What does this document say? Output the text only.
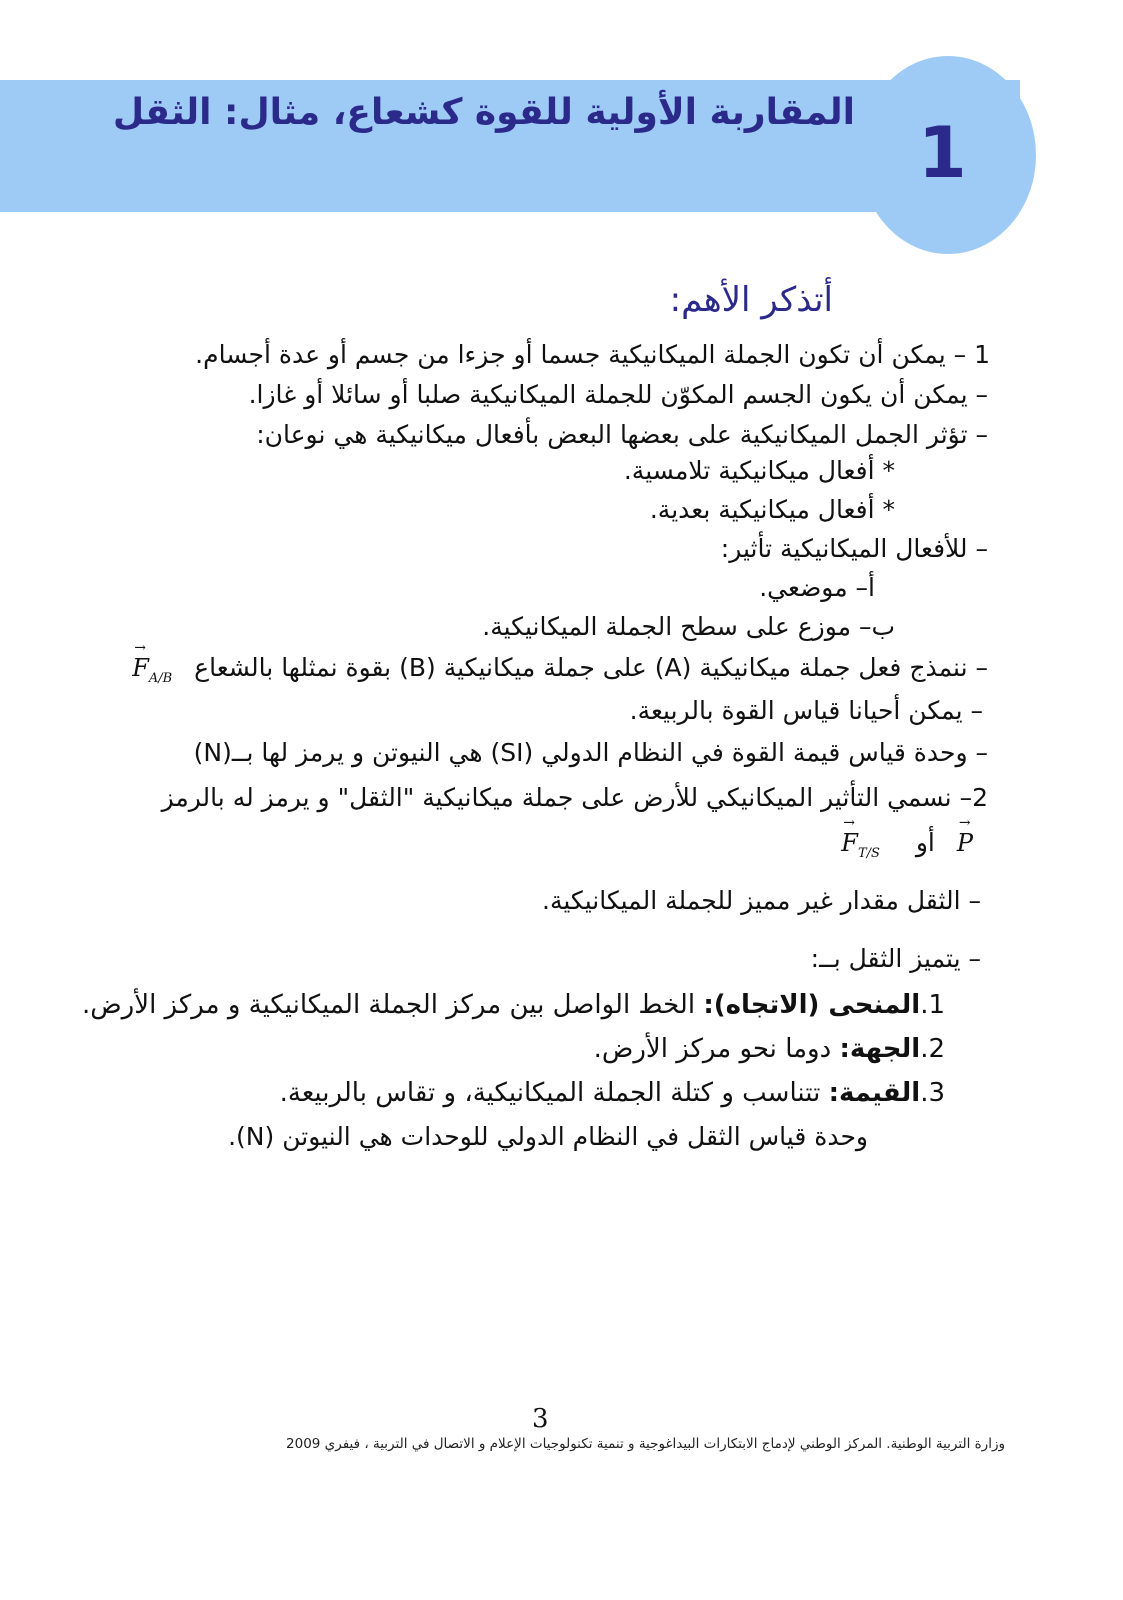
1
المقاربة الأولية للقوة كشعاع، مثال: الثقل
أتذكر الأهم:
1 – يمكن أن تكون الجملة الميكانيكية جسما أو جزءا من جسم أو عدة أجسام.
– يمكن أن يكون الجسم المكوّن للجملة الميكانيكية صلبا أو سائلا أو غازا.
– تؤثر الجمل الميكانيكية على بعضها البعض بأفعال ميكانيكية هي نوعان:
* أفعال ميكانيكية تلامسية.
* أفعال ميكانيكية بعدية.
– للأفعال الميكانيكية تأثير:
أ– موضعي.
ب– موزع على سطح الجملة الميكانيكية.
– ننمذج فعل جملة ميكانيكية (A) على جملة ميكانيكية (B) بقوة نمثلها بالشعاع
→
$F_{A/B}$
– يمكن أحيانا قياس القوة بالربيعة.
– وحدة قياس قيمة القوة في النظام الدولي (SI) هي النيوتن و يرمز لها بــ(N)
2– نسمي التأثير الميكانيكي للأرض على جملة ميكانيكية "الثقل" و يرمز له بالرمز
→
$F_{T/S}$ أو
→
P
– الثقل مقدار غير مميز للجملة الميكانيكية.
– يتميز الثقل بــ:
1.المنحى (الاتجاه): الخط الواصل بين مركز الجملة الميكانيكية و مركز الأرض.
2.الجهة: دوما نحو مركز الأرض.
3.القيمة: تتناسب و كتلة الجملة الميكانيكية، و تقاس بالربيعة.
وحدة قياس الثقل في النظام الدولي للوحدات هي النيوتن (N).
3
وزارة التربية الوطنية. المركز الوطني لإدماج الابتكارات البيداغوجية و تنمية تكنولوجيات الإعلام و الاتصال في التربية ، فيفري 2009
